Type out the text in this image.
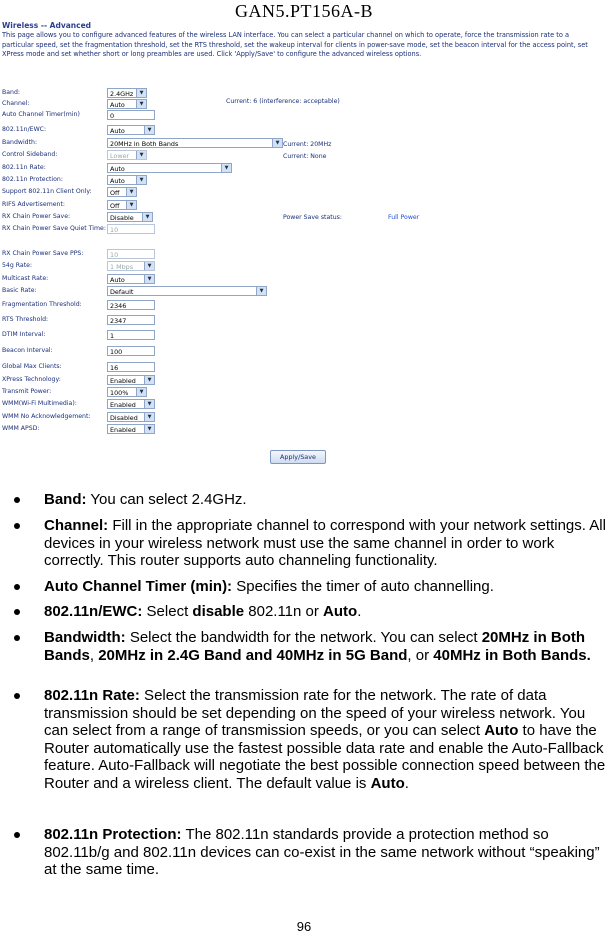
GAN5.PT156A-B
Wireless -- Advanced
This page allows you to configure advanced features of the wireless LAN interface. You can select a particular channel on which to operate, force the transmission rate to a particular speed, set the fragmentation threshold, set the RTS threshold, set the wakeup interval for clients in power-save mode, set the beacon interval for the access point, set XPress mode and set whether short or long preambles are used. Click 'Apply/Save' to configure the advanced wireless options.
Band:	2.4GHz	▼
Channel:	Auto	▼
Auto Channel Timer(min)	0
802.11n/EWC:	Auto	▼
Bandwidth:	20MHz in Both Bands	▼
Control Sideband:	Lower	▼
802.11n Rate:	Auto	▼
802.11n Protection:	Auto	▼
Support 802.11n Client Only:	Off	▼
RIFS Advertisement:	Off	▼
RX Chain Power Save:	Disable	▼
RX Chain Power Save Quiet Time: 10
RX Chain Power Save PPS:	10
54g Rate:	1 Mbps	▼
Multicast Rate:	Auto	▼
Basic Rate:	Default	▼
Fragmentation Threshold:	2346
RTS Threshold:	2347
DTIM Interval:	1
Beacon Interval:	100
Global Max Clients:	16
XPress Technology:	Enabled	▼
Transmit Power:	100%	▼
WMM(Wi-Fi Multimedia):	Enabled	▼
WMM No Acknowledgement:	Disabled	▼
WMM APSD:	Enabled	▼
Current: 6 (interference: acceptable)
Current: 20MHz
Current: None
Power Save status:	Full Power
Apply/Save
Band: You can select 2.4GHz.
Channel: Fill in the appropriate channel to correspond with your network settings. All devices in your wireless network must use the same channel in order to work correctly. This router supports auto channeling functionality.
Auto Channel Timer (min): Specifies the timer of auto channelling.
802.11n/EWC: Select disable 802.11n or Auto.
Bandwidth: Select the bandwidth for the network. You can select 20MHz in Both Bands, 20MHz in 2.4G Band and 40MHz in 5G Band, or 40MHz in Both Bands.
802.11n Rate: Select the transmission rate for the network. The rate of data transmission should be set depending on the speed of your wireless network. You can select from a range of transmission speeds, or you can select Auto to have the Router automatically use the fastest possible data rate and enable the Auto-Fallback feature. Auto-Fallback will negotiate the best possible connection speed between the Router and a wireless client. The default value is Auto.
802.11n Protection: The 802.11n standards provide a protection method so 802.11b/g and 802.11n devices can co-exist in the same network without “speaking” at the same time.
96
